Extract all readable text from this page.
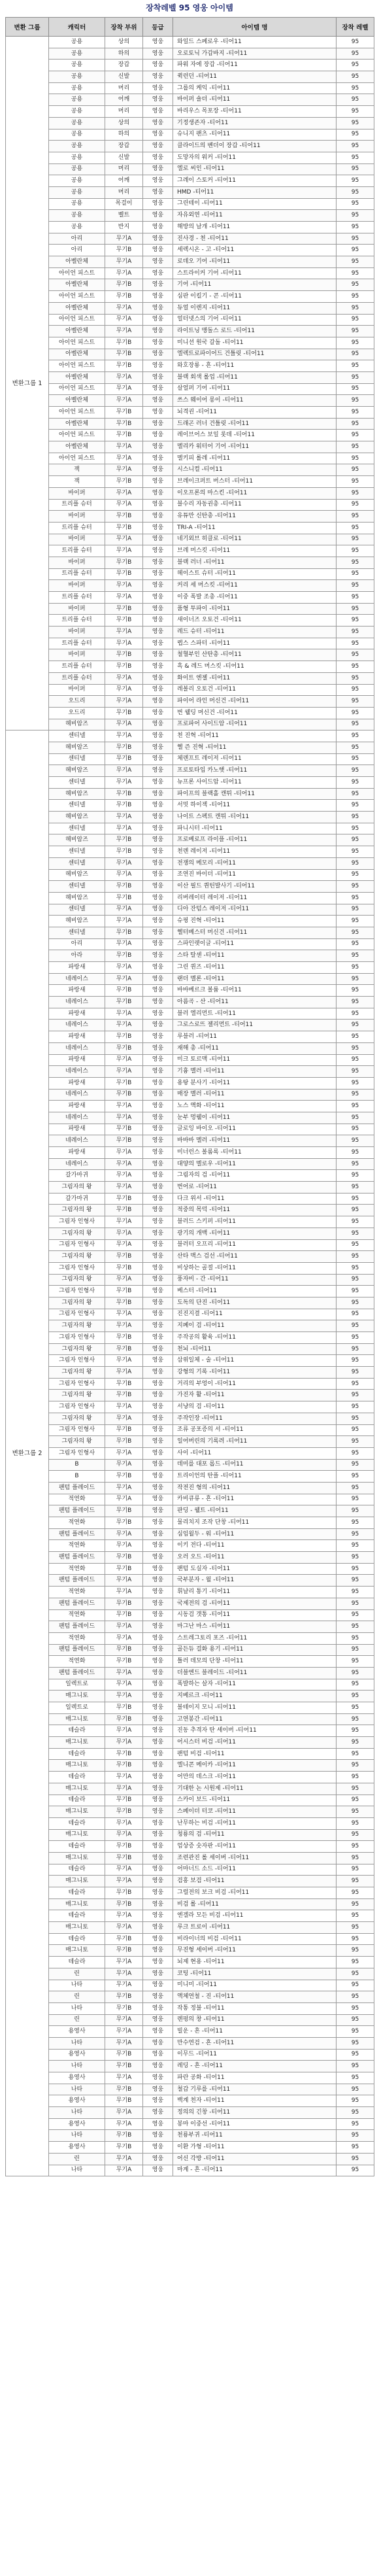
장착레벨 95 영웅 아이템
변환 그룹	캐릭터	장착 부위	등급	아이템 명	장착 레벨
변환그룹 1	공용	상의	영웅	와일드 스페로우 -티어11	95
	공용	하의	영웅	오로토닉 가갑바지 -티어11	95
	공용	장갑	영웅	파워 자에 장갑 -티어11	95
	공용	신발	영웅	퀵런던 -티어11	95
	공용	머리	영웅	그룹의 케익 -티어11	95
	공용	어깨	영웅	바이퍼 숄더 -티어11	95
	공용	머리	영웅	바리우스 목포장 -티어11	95
	공용	상의	영웅	기정생존자 -티어11	95
	공용	하의	영웅	슈니지 팬츠 -티어11	95
	공용	장갑	영웅	클라이드의 벤더이 장갑 -티어11	95
	공용	신발	영웅	도망자의 워커 -티어11	95
	공용	머리	영웅	엘로 씨인 -티어11	95
	공용	어깨	영웅	그레이 스토커 -티어11	95
	공용	머리	영웅	HMD -티어11	95
	공용	목걸이	영웅	그린테이 -티어11	95
	공용	벨트	영웅	자유외연 -티어11	95
	공용	반지	영웅	해방의 날개 -티어11	95
	아리	무기A	영웅	진사경 - 천 -티어11	95
	아리	무기B	영웅	세렉시온 - 고 -티어11	95
	아벨란체	무기A	영웅	로데오 기어 -티어11	95
	아이언 피스트	무기A	영웅	스트라이커 기어 -티어11	95
	아벨란체	무기B	영웅	기어 -티어11	95
	아이언 피스트	무기B	영웅	심판 이킬기 - 콘 -티어11	95
	아벨란체	무기A	영웅	듀얼 이렌지 -티어11	95
	아이언 피스트	무기A	영웅	얼터넷스의 기어 -티어11	95
	아벨란체	무기A	영웅	라이트닝 맹돌스 로드 -티어11	95
	아이언 피스트	무기B	영웅	미니션 원국 갈돌 -티어11	95
	아벨란체	무기B	영웅	엘렉트로파이어드 건틀릿 -티어11	95
	아이언 피스트	무기B	영웅	와호장룡 - 흔 -티어11	95
	아벨란체	무기A	영웅	블랙 회색 롤업 -티어11	95
	아이언 피스트	무기A	영웅	살얼퍼 기어 -티어11	95
	아벨란체	무기A	영웅	쓰스 웨이어 롱이 -티어11	95
	아이언 피스트	무기B	영웅	뇌격권 -티어11	95
	아벨란체	무기B	영웅	드래곤 러너 건틀릿 -티어11	95
	아이언 피스트	무기B	영웅	레이브어스 보일 롯데 -티어11	95
	아벨란체	무기A	영웅	멜리카 워터어 기어 -티어11	95
	아이언 피스트	무기A	영웅	멜키피 롤레 -티어11	95
	잭	무기A	영웅	시스니컬 -티어11	95
	잭	무기B	영웅	브레이크퍼트 버스터 -티어11	95
	바이퍼	무기A	영웅	이오프론의 마스킨 -티어11	95
	트리플 슈터	무기A	영웅	블수리 자동권총 -티어11	95
	바이퍼	무기B	영웅	유튜만 신탄총 -티어11	95
	트리플 슈터	무기B	영웅	TRI-A -티어11	95
	바이퍼	무기A	영웅	네기외브 히클로 -티어11	95
	트리플 슈터	무기A	영웅	브레 머스킷 -티어11	95
	바이퍼	무기B	영웅	블랙 러너 -티어11	95
	트리플 슈터	무기B	영웅	헤이스트 슈터 -티어11	95
	바이퍼	무기A	영웅	커리 세 머스킷 -티어11	95
	트리플 슈터	무기A	영웅	이중 폭발 조총 -티어11	95
	바이퍼	무기B	영웅	품형 투파이 -티어11	95
	트리플 슈터	무기B	영웅	새이너즈 오토건 -티어11	95
	바이퍼	무기A	영웅	레드 슈터 -티어11	95
	트리플 슈터	무기A	영웅	렙스 스파터 -티어11	95
	바이퍼	무기B	영웅	철혈부인 산탄총 -티어11	95
	트리플 슈터	무기B	영웅	흑 & 레드 머스킷 -티어11	95
	트리플 슈터	무기A	영웅	화이트 엔젤 -티어11	95
	바이퍼	무기A	영웅	레볼리 오토건 -티어11	95
	오드리	무기A	영웅	파이어 라인 머신건 -티어11	95
	오드리	무기B	영웅	번 웰딩 머신건 -티어11	95
	헤비암즈	무기A	영웅	프로파어 사이드암 -티어11	95
변환그룹 2	센티넬	무기A	영웅	천 진혁 -티어11	95
	헤비암즈	무기B	영웅	헬 즌 진혁 -티어11	95
	센티넬	무기B	영웅	체렌프트 레이저 -티어11	95
	헤비암즈	무기A	영웅	프로토타입 카노햇 -티어11	95
	센티넬	무기A	영웅	뉴프론 사이드암 -티어11	95
	헤비암즈	무기B	영웅	파이프의 블랙홀 캔튀 -티어11	95
	센티넬	무기B	영웅	서밋 하이젝 -티어11	95
	헤비암즈	무기A	영웅	나이트 스펙트 캔튀 -티어11	95
	센티넬	무기A	영웅	파니시터 -티어11	95
	헤비암즈	무기B	영웅	프로베로프 라이플 -티어11	95
	센티넬	무기B	영웅	천렌 레이저 -티어11	95
	센티넬	무기A	영웅	전쟁의 메모리 -티어11	95
	헤비암즈	무기A	영웅	조연진 바이더 -티어11	95
	센티넬	무기B	영웅	이산 필드 퀀틴발사기 -티어11	95
	헤비암즈	무기B	영웅	리버레이터 레이저 -티어11	95
	센티넬	무기A	영웅	디아 잔텀스 레이저 -티어11	95
	헤비암즈	무기A	영웅	슈핑 진혁 -티어11	95
	센티넬	무기B	영웅	헬터베스터 머신건 -티어11	95
	아리	무기A	영웅	스파인렛이글 -티어11	95
	아라	무기B	영웅	스타 탈센 -티어11	95
	파랑새	무기A	영웅	그린 퀀즈 -티어11	95
	네레이스	무기A	영웅	랜더 멜론 -티어11	95
	파랑새	무기B	영웅	바바베르크 볼륨 -티어11	95
	네레이스	무기B	영웅	아름곡 - 산 -티어11	95
	파랑새	무기A	영웅	블러 엘리먼트 -티어11	95
	네레이스	무기A	영웅	그로스로뜨 젤리먼트 -티어11	95
	파랑새	무기B	영웅	루블러 -티어11	95
	네레이스	무기B	영웅	재해 총 -티어11	95
	파랑새	무기A	영웅	미크 토르맥 -티어11	95
	네레이스	무기A	영웅	기흉 멜러 -티어11	95
	파랑새	무기B	영웅	용탕 분사기 -티어11	95
	네레이스	무기B	영웅	매장 멜러 -티어11	95
	파랑새	무기A	영웅	노스 액화 -티어11	95
	네레이스	무기A	영웅	눈부 멍웰이 -티어11	95
	파랑새	무기B	영웅	글로잉 바이오 -티어11	95
	네레이스	무기B	영웅	바바바 멜러 -티어11	95
	파랑새	무기A	영웅	미너런스 볼롬록 -티어11	95
	네레이스	무기A	영웅	대양의 멜로우 -티어11	95
	갈가마귀	무기A	영웅	그림자의 검 -티어11	95
	그림자의 왕	무기A	영웅	번어로 -티어11	95
	갈가마귀	무기B	영웅	다크 위서 -티어11	95
	그림자의 왕	무기B	영웅	적중의 목덕 -티어11	95
	그림자 인형사	무기A	영웅	블러드 스키퍼 -티어11	95
	그림자의 왕	무기A	영웅	광기의 개백 -티어11	95
	그림자 인형사	무기A	영웅	블러터 오프리 -티어11	95
	그림자의 왕	무기B	영웅	산타 맥스 검선 -티어11	95
	그림자 인형사	무기B	영웅	비상하는 골절 -티어11	95
	그림자의 왕	무기A	영웅	풍자비 - 간 -티어11	95
	그림자 인형사	무기B	영웅	베스터 -티어11	95
	그림자의 왕	무기B	영웅	도독의 단진 -티어11	95
	그림자 인형사	무기A	영웅	진진지결 -티어11	95
	그림자의 왕	무기A	영웅	지폐이 검 -티어11	95
	그림자 인형사	무기B	영웅	주작공의 활육 -티어11	95
	그림자의 왕	무기B	영웅	천뇌 -티어11	95
	그림자 인형사	무기A	영웅	삼위일체 - 술 -티어11	95
	그림자의 왕	무기A	영웅	강형의 기록 -티어11	95
	그림자 인형사	무기B	영웅	거리의 부엉이 -티어11	95
	그림자의 왕	무기B	영웅	가진자 활 -티어11	95
	그림자 인형사	무기A	영웅	서냥의 검 -티어11	95
	그림자의 왕	무기A	영웅	주작인장 -티어11	95
	그림자 인형사	무기B	영웅	조류 공포증의 서 -티어11	95
	그림자의 왕	무기B	영웅	일어버린의 기록려 -티어11	95
	그림자 인형사	무기A	영웅	사이 -티어11	95
	B	무기A	영웅	데미를 대포 롭드 -티어11	95
	B	무기B	영웅	트리이언의 탄플 -티어11	95
	팬텀 플레이드	무기A	영웅	작전진 형의 -티어11	95
	적연화	무기A	영웅	카비큐류 - 흔 -티어11	95
	팬텀 플레이드	무기B	영웅	판딩 - 웰트 -티어11	95
	적연화	무기B	영웅	물리치지 조작 단창 -티어11	95
	팬텀 플레이드	무기A	영웅	심임월두 - 워 -티어11	95
	적연화	무기A	영웅	이키 전다 -티어11	95
	팬텀 플레이드	무기B	영웅	오러 오드 -티어11	95
	적연화	무기B	영웅	팬텀 도실자 -티어11	95
	팬텀 플레이드	무기A	영웅	국부분자 - 월 -티어11	95
	적연화	무기A	영웅	휘날리 통기 -티어11	95
	팬텀 플레이드	무기B	영웅	국제전의 검 -티어11	95
	적연화	무기B	영웅	시동검 갯통 -티어11	95
	팬텀 플레이드	무기A	영웅	마그난 마스 -티어11	95
	적연화	무기A	영웅	스트레그토리 포즈 -티어11	95
	팬텀 플레이드	무기B	영웅	골든듀 걸화 용기 -티어11	95
	적연화	무기B	영웅	틀러 데모의 단창 -티어11	95
	팬텀 플레이드	무기A	영웅	더블엔드 블레이드 -티어11	95
	일렉트로	무기A	영웅	폭발하는 살자 -티어11	95
	매그니토	무기A	영웅	지베르크 -티어11	95
	일렉트로	무기B	영웅	볼테이지 모니 -티어11	95
	매그니토	무기B	영웅	고연봉간 -티어11	95
	테슬라	무기A	영웅	진동 추격자 탄 셰이버 -티어11	95
	매그니토	무기A	영웅	어시스터 비검 -티어11	95
	테슬라	무기B	영웅	팬텀 비검 -티어11	95
	매그니토	무기B	영웅	엘니콘 메이카 -티어11	95
	테슬라	무기A	영웅	어만의 데스크 -티어11	95
	매그니토	무기A	영웅	기대한 논 시원제 -티어11	95
	테슬라	무기B	영웅	스카이 보드 -티어11	95
	매그니토	무기B	영웅	스페이더 터코 -티어11	95
	테슬라	무기A	영웅	난무하는 비검 -티어11	95
	매그니토	무기A	영웅	청룡의 검 -티어11	95
	테슬라	무기B	영웅	엄상증 숫자판 -티어11	95
	매그니토	무기B	영웅	조련관진 롤 세이버 -티어11	95
	테슬라	무기A	영웅	어마너드 소드 -티어11	95
	매그니토	무기A	영웅	검홍 보검 -티어11	95
	테슬라	무기B	영웅	그럴전의 보크 비검 -티어11	95
	매그니토	무기B	영웅	비검 롤 -티어11	95
	테슬라	무기A	영웅	엔겔라 모든 비검 -티어11	95
	매그니토	무기A	영웅	루크 트로이 -티어11	95
	테슬라	무기B	영웅	비라이너의 비검 -티어11	95
	매그니토	무기B	영웅	무진형 세이버 -티어11	95
	테슬라	무기A	영웅	뇌제 현용 -티어11	95
	린	무기A	영웅	코팅 -티어11	95
	나타	무기A	영웅	미니미 -티어11	95
	린	무기B	영웅	액체연철 - 진 -티어11	95
	나타	무기B	영웅	작통 정불 -티어11	95
	린	무기A	영웅	렌펑의 창 -티어11	95
	용영사	무기A	영웅	빌운 - 흔 -티어11	95
	나타	무기A	영웅	만수연검 - 흔 -티어11	95
	용영사	무기B	영웅	이무드 -티어11	95
	나타	무기B	영웅	레딩 - 흔 -티어11	95
	용영사	무기A	영웅	파란 공화 -티어11	95
	나타	무기B	영웅	철갑 기루를 -티어11	95
	용영사	무기B	영웅	백계 천자 -티어11	95
	나타	무기A	영웅	정의의 긴창 -티어11	95
	용영사	무기A	영웅	봉마 이중선 -티어11	95
	나타	무기B	영웅	천룡부귀 -티어11	95
	용영사	무기B	영웅	이환 가형 -티어11	95
	린	무기A	영웅	어신 각방 -티어11	95
	나타	무기A	영웅	마계 - 흔 -티어11	95
